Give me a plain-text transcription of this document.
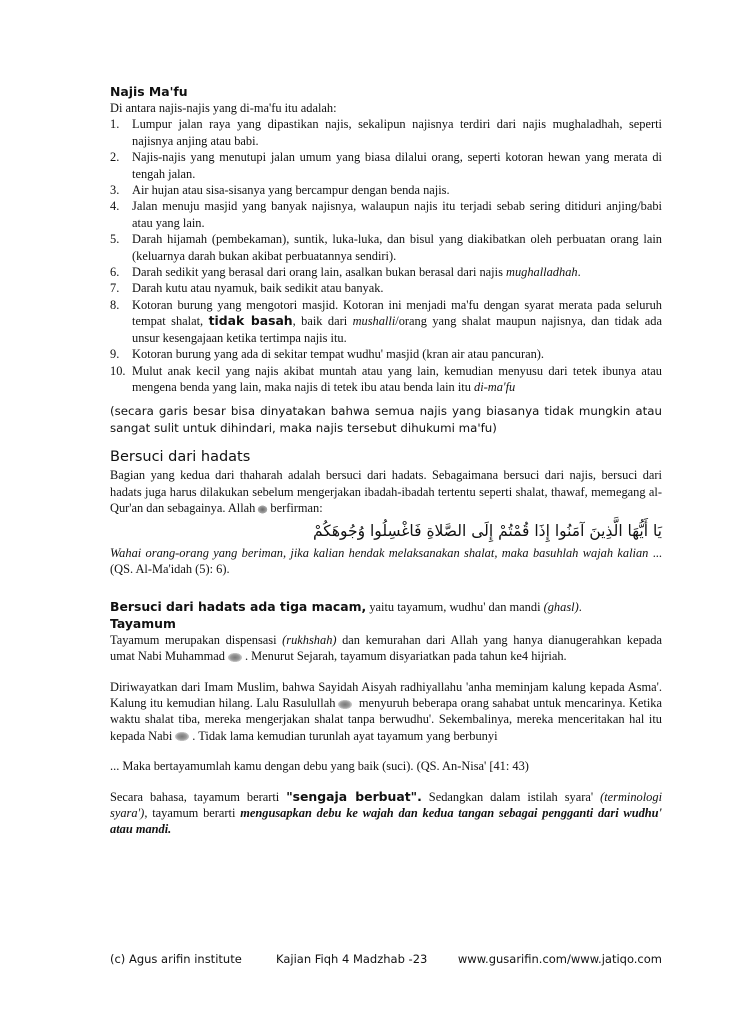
Najis Ma'fu

Di antara najis-najis yang di-ma'fu itu adalah:

1.	Lumpur jalan raya yang dipastikan najis, sekalipun najisnya terdiri dari najis mughaladhah, seperti najisnya anjing atau babi.
2.	Najis-najis yang menutupi jalan umum yang biasa dilalui orang, seperti kotoran hewan yang merata di tengah jalan.
3.	Air hujan atau sisa-sisanya yang bercampur dengan benda najis.
4.	Jalan menuju masjid yang banyak najisnya, walaupun najis itu terjadi sebab sering ditiduri anjing/babi atau yang lain.
5.	Darah hijamah (pembekaman), suntik, luka-luka, dan bisul yang diakibatkan oleh perbuatan orang lain (keluarnya darah bukan akibat perbuatannya sendiri).
6.	Darah sedikit yang berasal dari orang lain, asalkan bukan berasal dari najis mughalladhah.
7.	Darah kutu atau nyamuk, baik sedikit atau banyak.
8.	Kotoran burung yang mengotori masjid. Kotoran ini menjadi ma'fu dengan syarat merata pada seluruh tempat shalat, tidak basah, baik dari mushalli/orang yang shalat maupun najisnya, dan tidak ada unsur kesengajaan ketika tertimpa najis itu.
9.	Kotoran burung yang ada di sekitar tempat wudhu' masjid (kran air atau pancuran).
10. Mulut anak kecil yang najis akibat muntah atau yang lain, kemudian menyusu dari tetek ibunya atau mengena benda yang lain, maka najis di tetek ibu atau benda lain itu di-ma'fu

(secara garis besar bisa dinyatakan bahwa semua najis yang biasanya tidak mungkin atau sangat sulit untuk dihindari, maka najis tersebut dihukumi ma'fu)

Bersuci dari hadats

Bagian yang kedua dari thaharah adalah bersuci dari hadats. Sebagaimana bersuci dari najis, bersuci dari hadats juga harus dilakukan sebelum mengerjakan ibadah-ibadah tertentu seperti shalat, thawaf, memegang al-Qur'an dan sebagainya. Allah berfirman:

يَا أَيُّهَا الَّذِينَ آمَنُوا إِذَا قُمْتُمْ إِلَى الصَّلاةِ فَاغْسِلُوا وُجُوهَكُمْ

Wahai orang-orang yang beriman, jika kalian hendak melaksanakan shalat, maka basuhlah wajah kalian ... (QS. Al-Ma'idah (5): 6).

Bersuci dari hadats ada tiga macam, yaitu tayamum, wudhu' dan mandi (ghasl).

Tayamum

Tayamum merupakan dispensasi (rukhshah) dan kemurahan dari Allah yang hanya dianugerahkan kepada umat Nabi Muhammad . Menurut Sejarah, tayamum disyariatkan pada tahun ke4 hijriah.

Diriwayatkan dari Imam Muslim, bahwa Sayidah Aisyah radhiyallahu 'anha meminjam kalung kepada Asma'. Kalung itu kemudian hilang. Lalu Rasulullah menyuruh beberapa orang sahabat untuk mencarinya. Ketika waktu shalat tiba, mereka mengerjakan shalat tanpa berwudhu'. Sekembalinya, mereka menceritakan hal itu kepada Nabi . Tidak lama kemudian turunlah ayat tayamum yang berbunyi

... Maka bertayamumlah kamu dengan debu yang baik (suci). (QS. An-Nisa' [41: 43)

Secara bahasa, tayamum berarti "sengaja berbuat". Sedangkan dalam istilah syara' (terminologi syara'), tayamum berarti mengusapkan debu ke wajah dan kedua tangan sebagai pengganti dari wudhu' atau mandi.

(c) Agus arifin institute	Kajian Fiqh 4 Madzhab -23	www.gusarifin.com/www.jatiqo.com
